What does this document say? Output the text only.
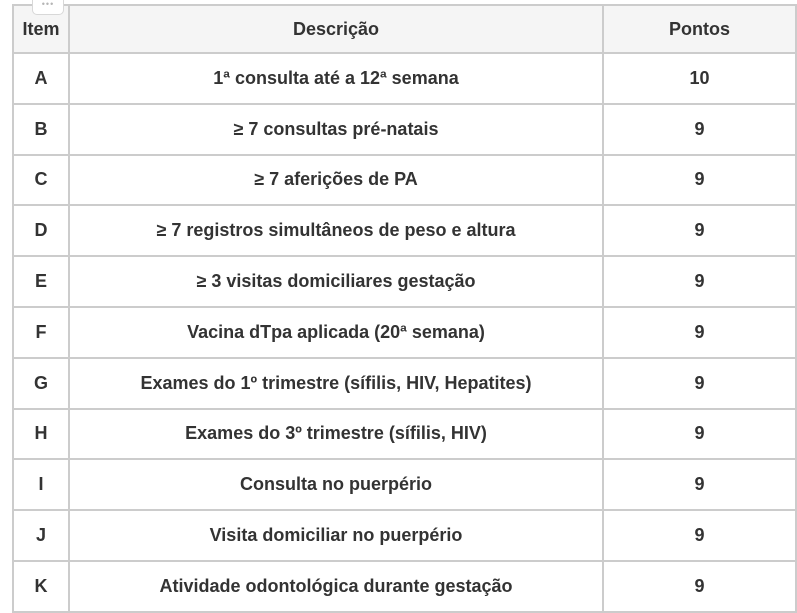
•••
Item	Descrição	Pontos
A	1ª consulta até a 12ª semana	10
B	≥ 7 consultas pré-natais	9
C	≥ 7 aferições de PA	9
D	≥ 7 registros simultâneos de peso e altura	9
E	≥ 3 visitas domiciliares gestação	9
F	Vacina dTpa aplicada (20ª semana)	9
G	Exames do 1º trimestre (sífilis, HIV, Hepatites)	9
H	Exames do 3º trimestre (sífilis, HIV)	9
I	Consulta no puerpério	9
J	Visita domiciliar no puerpério	9
K	Atividade odontológica durante gestação	9
